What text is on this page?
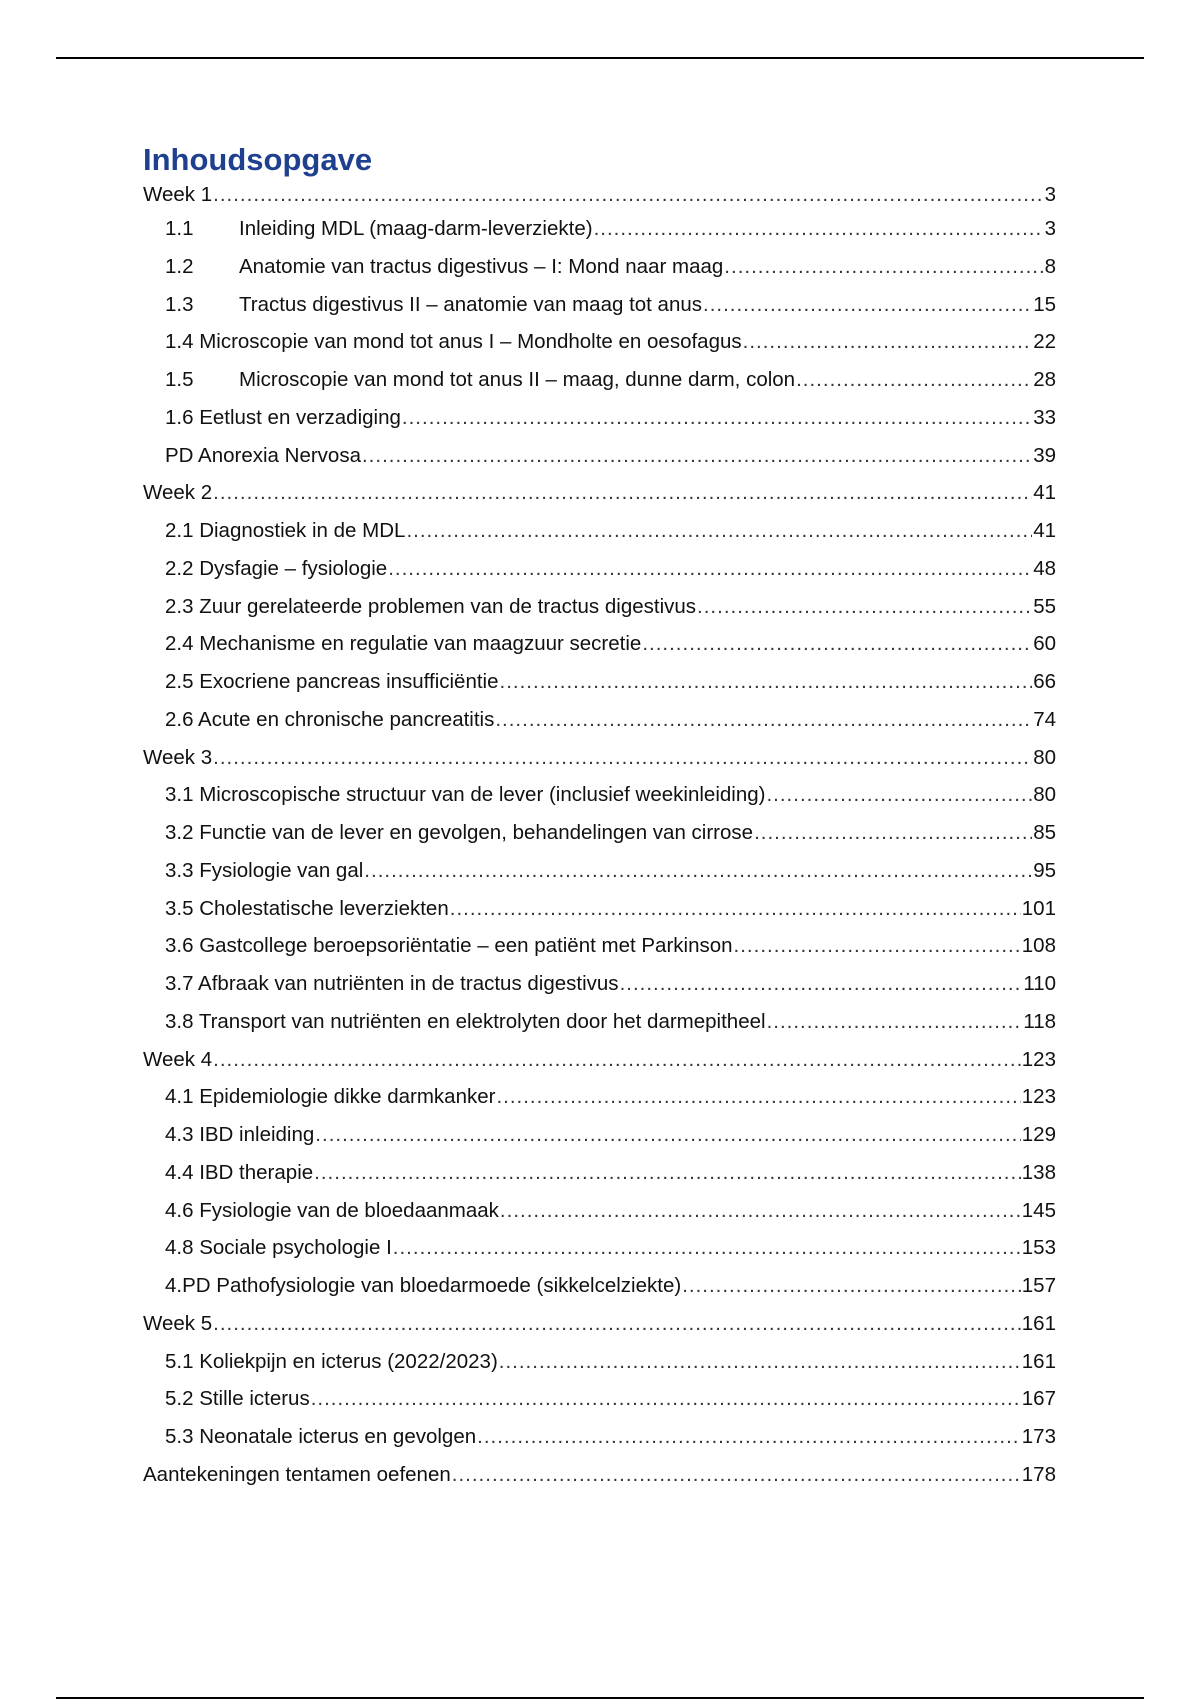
Inhoudsopgave
Week 1 .....	3
1.1	Inleiding MDL (maag-darm-leverziekte) .....	3
1.2	Anatomie van tractus digestivus – I: Mond naar maag .....	8
1.3	Tractus digestivus II – anatomie van maag tot anus .....	15
1.4 Microscopie van mond tot anus I – Mondholte en oesofagus .....	22
1.5	Microscopie van mond tot anus II – maag, dunne darm, colon .....	28
1.6 Eetlust en verzadiging .....	33
PD Anorexia Nervosa .....	39
Week 2 .....	41
2.1 Diagnostiek in de MDL .....	41
2.2 Dysfagie – fysiologie .....	48
2.3 Zuur gerelateerde problemen van de tractus digestivus .....	55
2.4 Mechanisme en regulatie van maagzuur secretie .....	60
2.5 Exocriene pancreas insufficiëntie .....	66
2.6 Acute en chronische pancreatitis .....	74
Week 3 .....	80
3.1 Microscopische structuur van de lever (inclusief weekinleiding) .....	80
3.2 Functie van de lever en gevolgen, behandelingen van cirrose .....	85
3.3 Fysiologie van gal .....	95
3.5 Cholestatische leverziekten .....	101
3.6 Gastcollege beroepsoriëntatie – een patiënt met Parkinson .....	108
3.7 Afbraak van nutriënten in de tractus digestivus .....	110
3.8 Transport van nutriënten en elektrolyten door het darmepitheel .....	118
Week 4 .....	123
4.1 Epidemiologie dikke darmkanker .....	123
4.3 IBD inleiding .....	129
4.4 IBD therapie .....	138
4.6 Fysiologie van de bloedaanmaak .....	145
4.8 Sociale psychologie I .....	153
4.PD Pathofysiologie van bloedarmoede (sikkelcelziekte) .....	157
Week 5 .....	161
5.1 Koliekpijn en icterus (2022/2023) .....	161
5.2 Stille icterus .....	167
5.3 Neonatale icterus en gevolgen .....	173
Aantekeningen tentamen oefenen .....	178
